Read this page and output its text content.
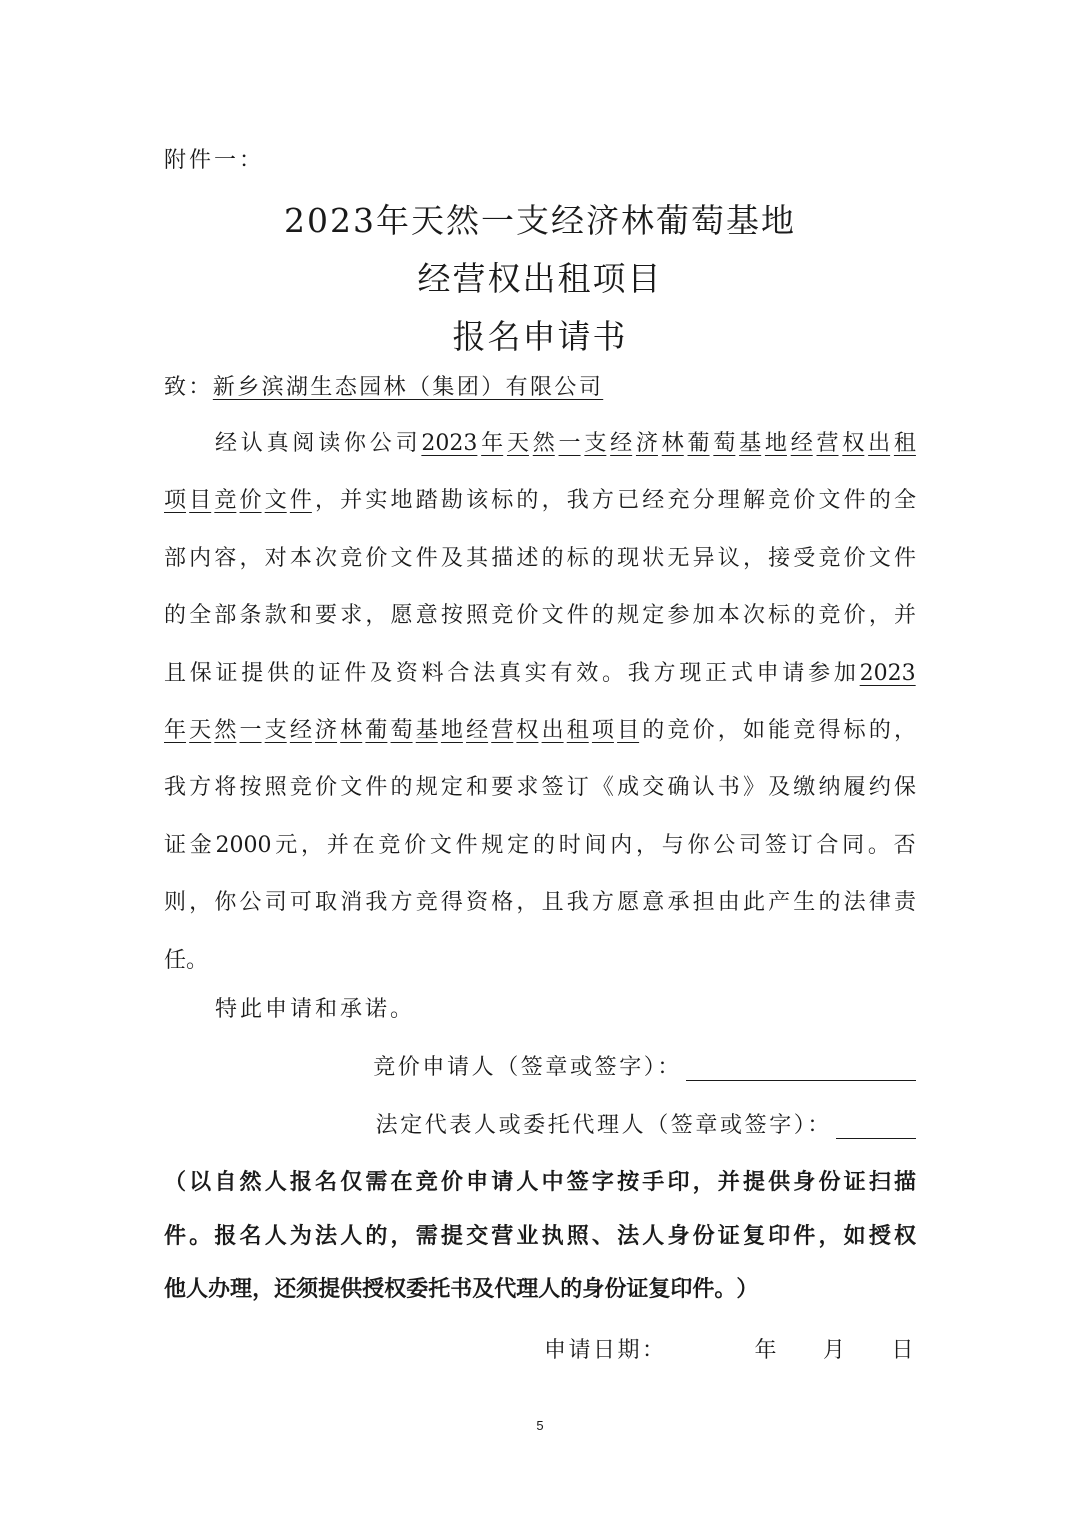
附件一：
2023年天然一支经济林葡萄基地
经营权出租项目
报名申请书
致：新乡滨湖生态园林（集团）有限公司
经 认 真 阅 读 你 公 司 2023 年 天 然 一 支 经 济 林 葡 萄 基 地 经 营 权 出 租
项 目 竞 价 文 件 ， 并 实 地 踏 勘 该 标 的 ， 我 方 已 经 充 分 理 解 竞 价 文 件 的 全
部 内 容 ， 对 本 次 竞 价 文 件 及 其 描 述 的 标 的 现 状 无 异 议 ， 接 受 竞 价 文 件
的 全 部 条 款 和 要 求 ， 愿 意 按 照 竞 价 文 件 的 规 定 参 加 本 次 标 的 竞 价 ， 并
且 保 证 提 供 的 证 件 及 资 料 合 法 真 实 有 效 。 我 方 现 正 式 申 请 参 加 2023
年 天 然 一 支 经 济 林 葡 萄 基 地 经 营 权 出 租 项 目 的 竞 价 ， 如 能 竞 得 标 的 ，
我 方 将 按 照 竞 价 文 件 的 规 定 和 要 求 签 订 《 成 交 确 认 书 》 及 缴 纳 履 约 保
证 金 2000 元 ， 并 在 竞 价 文 件 规 定 的 时 间 内 ， 与 你 公 司 签 订 合 同 。 否
则 ， 你 公 司 可 取 消 我 方 竞 得 资 格 ， 且 我 方 愿 意 承 担 由 此 产 生 的 法 律 责
任 。
特此申请和承诺。
竞价申请人（签章或签字）：
法定代表人或委托代理人（签章或签字）：
（ 以 自 然 人 报 名 仅 需 在 竞 价 申 请 人 中 签 字 按 手 印 ， 并 提 供 身 份 证 扫 描
件 。 报 名 人 为 法 人 的 ， 需 提 交 营 业 执 照 、 法 人 身 份 证 复 印 件 ， 如 授 权
他 人 办 理 ， 还 须 提 供 授 权 委 托 书 及 代 理 人 的 身 份 证 复 印 件 。 ）
申请日期：	年 月 日
5
